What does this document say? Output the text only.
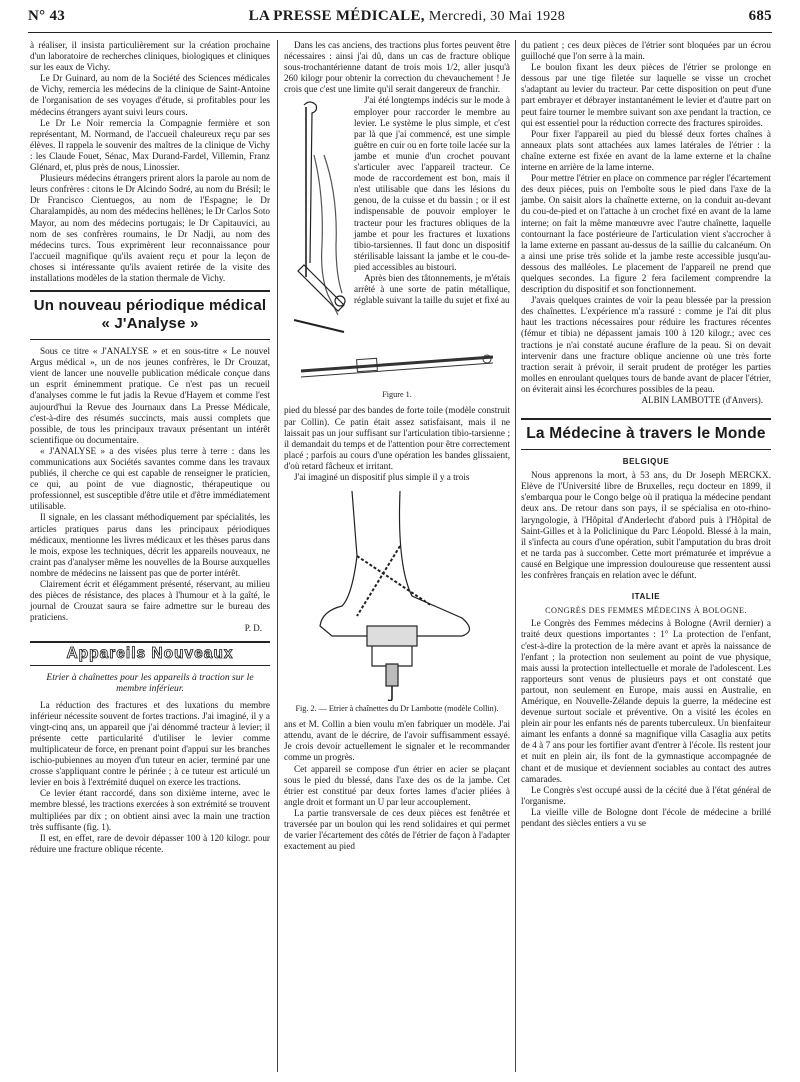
N° 43	LA PRESSE MÉDICALE, Mercredi, 30 Mai 1928	685

à réaliser, il insista particulièrement sur la création prochaine d'un laboratoire de recherches cliniques, biologiques et cliniques sur les eaux de Vichy.

Le Dr Guinard, au nom de la Société des Sciences médicales de Vichy, remercia les médecins de la clinique de Saint-Antoine de l'organisation de ses voyages d'étude, si profitables pour les médecins étrangers ayant suivi leurs cours.

Le Dr Le Noir remercia la Compagnie fermière et son représentant, M. Normand, de l'accueil chaleureux reçu par ses élèves. Il rappela le souvenir des maîtres de la clinique de Vichy : les Claude Fouet, Sénac, Max Durand-Fardel, Villemin, Franz Glénard, et, plus près de nous, Linossier.

Plusieurs médecins étrangers prirent alors la parole au nom de leurs confrères : citons le Dr Alcindo Sodré, au nom du Brésil; le Dr Francisco Cientuegos, au nom de l'Espagne; le Dr Charalampidès, au nom des médecins hellènes; le Dr Carlos Soto Mayor, au nom des médecins portugais; le Dr Capitauvici, au nom de ses confrères roumains, le Dr Nadji, au nom des médecins turcs. Tous exprimèrent leur reconnaissance pour l'accueil magnifique qu'ils avaient reçu et pour la leçon de choses si intéressante qu'ils avaient retirée de la visite des installations modèles de la station thermale de Vichy.

Un nouveau périodique médical
« J'Analyse »

Sous ce titre « J'ANALYSE » et en sous-titre « Le nouvel Argus médical », un de nos jeunes confrères, le Dr Crouzat, vient de lancer une nouvelle publication médicale conçue dans un esprit éminemment pratique. Ce n'est pas un recueil d'analyses comme le fut jadis la Revue d'Hayem et comme l'est aujourd'hui la Revue des Journaux dans La Presse Médicale, c'est-à-dire des résumés succincts, mais aussi complets que possible, de tous les principaux travaux présentant un intérêt scientifique ou documentaire.

« J'ANALYSE » a des visées plus terre à terre : dans les communications aux Sociétés savantes comme dans les travaux publiés, il cherche ce qui est capable de renseigner le praticien, ce qui, au point de vue diagnostic, thérapeutique ou professionnel, est susceptible d'être utile et d'être immédiatement utilisable.

Il signale, en les classant méthodiquement par spécialités, les articles pratiques parus dans les principaux périodiques médicaux, mentionne les livres médicaux et les thèses parus dans le mois, expose les techniques, décrit les appareils nouveaux, ne craint pas d'analyser même les nouvelles de la Bourse auxquelles nombre de médecins ne laissent pas que de porter intérêt.

Clairement écrit et élégamment présenté, réservant, au milieu des pièces de résistance, des places à l'humour et à la gaîté, le journal de Crouzat saura se faire admettre sur le bureau des praticiens.

P. D.
Appareils Nouveaux
Etrier à chaînettes pour les appareils à traction sur le membre inférieur.

La réduction des fractures et des luxations du membre inférieur nécessite souvent de fortes tractions. J'ai imaginé, il y a vingt-cinq ans, un appareil que j'ai dénommé tracteur à levier; il présente cette particularité d'utiliser le levier comme multiplicateur de force, en prenant point d'appui sur les branches ischio-pubiennes au moyen d'un tuteur en acier, terminé par une crosse s'appliquant contre le périnée ; à ce tuteur est articulé un levier en bois à l'extrémité duquel on exerce les tractions.

Ce levier étant raccordé, dans son dixième interne, avec le membre blessé, les tractions exercées à son extrémité se trouvent multipliées par dix ; on obtient ainsi avec la main une traction très suffisante (fig. 1).

Il est, en effet, rare de devoir dépasser 100 à 120 kilogr. pour réduire une fracture oblique récente.

Dans les cas anciens, des tractions plus fortes peuvent être nécessaires : ainsi j'ai dû, dans un cas de fracture oblique sous-trochantérienne datant de trois mois 1/2, aller jusqu'à 260 kilogr pour obtenir la correction du chevauchement ! Je crois que c'est une limite qu'il serait dangereux de franchir.

J'ai été longtemps indécis sur le mode à employer pour raccorder le membre au levier. Le système le plus simple, et c'est par là que j'ai commencé, est une simple guêtre en cuir ou en forte toile lacée sur la jambe et munie d'un crochet pouvant s'articuler avec l'appareil tracteur. Ce mode de raccordement est bon, mais il n'est utilisable que dans les lésions du genou, de la cuisse et du bassin ; or il est indispensable de pouvoir employer le tracteur pour les fractures obliques de la jambe et pour les fractures et luxations tibio-tarsiennes. Il faut donc un dispositif stérilisable laissant la jambe et le cou-de-pied accessibles au bistouri.

Après bien des tâtonnements, je m'étais arrêté à une sorte de patin métallique, réglable suivant la taille du sujet et fixé au

Figure 1.

pied du blessé par des bandes de forte toile (modèle construit par Collin). Ce patin était assez satisfaisant, mais il ne laissait pas un jour suffisant sur l'articulation tibio-tarsienne ; il demandait du temps et de l'attention pour être correctement placé ; parfois au cours d'une opération les bandes glissaient, d'où retard fâcheux et irritant.

J'ai imaginé un dispositif plus simple il y a trois

Fig. 2. — Etrier à chaînettes du Dr Lambotte (modèle Collin).

ans et M. Collin a bien voulu m'en fabriquer un modèle. J'ai attendu, avant de le décrire, de l'avoir suffisamment essayé. Je crois devoir actuellement le signaler et le recommander comme un progrès.

Cet appareil se compose d'un étrier en acier se plaçant sous le pied du blessé, dans l'axe des os de la jambe. Cet étrier est constitué par deux fortes lames d'acier pliées à angle droit et formant un U par leur accouplement.

La partie transversale de ces deux pièces est fenêtrée et traversée par un boulon qui les rend solidaires et qui permet de varier l'écartement des côtés de l'étrier de façon à l'adapter exactement au pied

du patient ; ces deux pièces de l'étrier sont bloquées par un écrou guilloché que l'on serre à la main.

Le boulon fixant les deux pièces de l'étrier se prolonge en dessous par une tige filetée sur laquelle se visse un crochet s'adaptant au levier du tracteur. Par cette disposition on peut d'une part embrayer et débrayer instantanément le levier et d'autre part on peut faire tourner le membre suivant son axe pendant la traction, ce qui est essentiel pour la réduction correcte des fractures spiroïdes.

Pour fixer l'appareil au pied du blessé deux fortes chaînes à anneaux plats sont attachées aux lames latérales de l'étrier : la chaîne externe est fixée en avant de la lame externe et la chaîne interne en arrière de la lame interne.

Pour mettre l'étrier en place on commence par régler l'écartement des deux pièces, puis on l'emboîte sous le pied dans l'axe de la jambe. On saisit alors la chaînette externe, on la conduit au-devant du cou-de-pied et on l'attache à un crochet fixé en avant de la lame interne; on fait la même manœuvre avec l'autre chaînette, laquelle contournant la face postérieure de l'articulation vient s'accrocher à la lame externe en passant au-dessus de la saillie du calcanéum. On a ainsi une prise très solide et la jambe reste accessible jusqu'au-dessous des malléoles. Le placement de l'appareil ne prend que quelques secondes. La figure 2 fera facilement comprendre la description du dispositif et son fonctionnement.

J'avais quelques craintes de voir la peau blessée par la pression des chaînettes. L'expérience m'a rassuré : comme je l'ai dit plus haut les tractions nécessaires pour réduire les fractures récentes (fémur et tibia) ne dépassent jamais 100 à 120 kilogr.; avec ces tractions je n'ai constaté aucune éraflure de la peau. Si on devait intervenir dans une fracture oblique ancienne où une très forte traction serait à prévoir, il serait prudent de protéger les parties molles en enroulant quelques tours de bande avant de placer l'étrier, on éviterait ainsi les écorchures possibles de la peau.

ALBIN LAMBOTTE (d'Anvers).
La Médecine à travers le Monde
BELGIQUE

Nous apprenons la mort, à 53 ans, du Dr Joseph MERCKX. Elève de l'Université libre de Bruxelles, reçu docteur en 1899, il s'embarqua pour le Congo belge où il pratiqua la médecine pendant deux ans. De retour dans son pays, il se spécialisa en oto-rhino-laryngologie, à l'Hôpital d'Anderlecht d'abord puis à l'Hôpital de Saint-Gilles et à la Policlinique du Parc Léopold. Blessé à la main, il s'infecta au cours d'une opération, subit l'amputation du bras droit et ne tarda pas à succomber. Cette mort prématurée et imprévue a causé en Belgique une impression douloureuse que ressentent aussi les confrères français en relation avec le défunt.

ITALIE
CONGRÈS DES FEMMES MÉDECINS À BOLOGNE.

Le Congrès des Femmes médecins à Bologne (Avril dernier) a traité deux questions importantes : 1° La protection de l'enfant, c'est-à-dire la protection de la mère avant et après la naissance de l'enfant ; la protection non seulement au point de vue physique, mais aussi la protection intellectuelle et morale de l'adolescent. Les rapporteurs sont venus de plusieurs pays et ont constaté que partout, non seulement en Europe, mais aussi en Australie, en Amérique, en Nouvelle-Zélande depuis la guerre, la médecine est devenue surtout sociale et préventive. On a visité les écoles en plein air pour les enfants nés de parents tuberculeux. Un bienfaiteur aimant les enfants a donné sa magnifique villa Casaglia aux petits de 4 à 7 ans pour les fortifier avant d'entrer à l'école. Ils restent jour et nuit en plein air, ils font de la gymnastique accompagnée de chant et de musique et deviennent sociables au contact des autres camarades.

Le Congrès s'est occupé aussi de la cécité due à l'état général de l'organisme.

La vieille ville de Bologne dont l'école de médecine a brillé pendant des siècles entiers a vu se
